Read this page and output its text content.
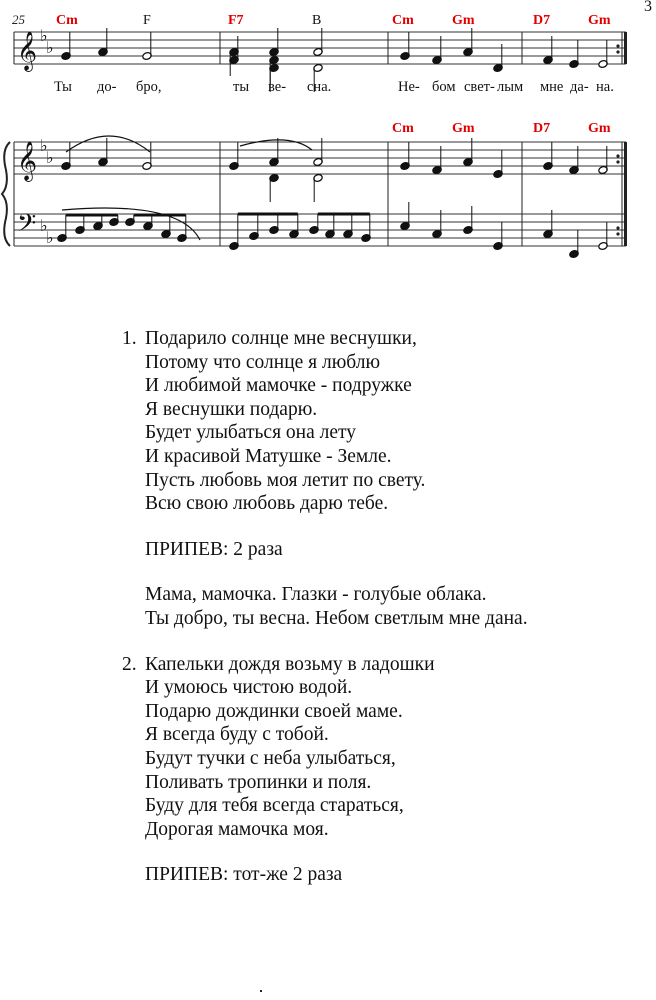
3
25
𝄞
𝄞
𝄢
♭
♭
♭
♭
♭
♭
Cm	F	F7	B	Cm	Gm	D7	Gm
Cm	Gm	D7	Gm
Ты до- бро,	ты ве- сна.	Не- бом свет- лым мне да- на.
1. Подарило солнце мне веснушки,
Потому что солнце я люблю
И любимой мамочке - подружке
Я веснушки подарю.
Будет улыбаться она лету
И красивой Матушке - Земле.
Пусть любовь моя летит по свету.
Всю свою любовь дарю тебе.
ПРИПЕВ: 2 раза
Мама, мамочка. Глазки - голубые облака.
Ты добро, ты весна. Небом светлым мне дана.
2. Капельки дождя возьму в ладошки
И умоюсь чистою водой.
Подарю дождинки своей маме.
Я всегда буду с тобой.
Будут тучки с неба улыбаться,
Поливать тропинки и поля.
Буду для тебя всегда стараться,
Дорогая мамочка моя.
ПРИПЕВ: тот-же 2 раза
